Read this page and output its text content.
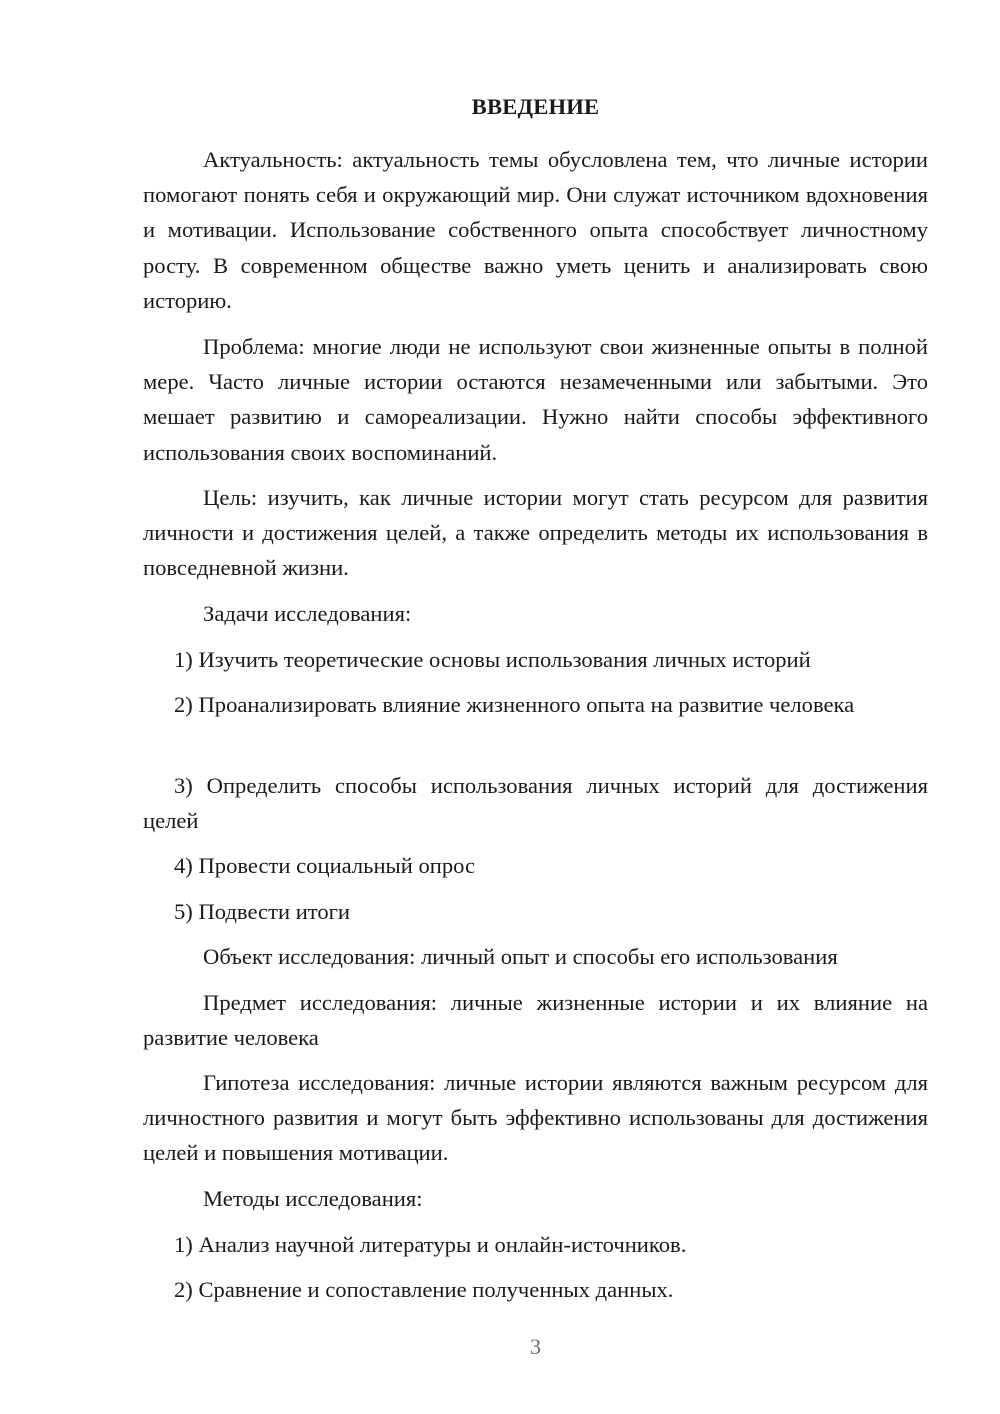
ВВЕДЕНИЕ

Актуальность: актуальность темы обусловлена тем, что личные истории помогают понять себя и окружающий мир. Они служат источником вдохновения и мотивации. Использование собственного опыта способствует личностному росту. В современном обществе важно уметь ценить и анализировать свою историю.

Проблема: многие люди не используют свои жизненные опыты в полной мере. Часто личные истории остаются незамеченными или забытыми. Это мешает развитию и самореализации. Нужно найти способы эффективного использования своих воспоминаний.

Цель: изучить, как личные истории могут стать ресурсом для развития личности и достижения целей, а также определить методы их использования в повседневной жизни.

Задачи исследования:

1) Изучить теоретические основы использования личных историй

2) Проанализировать влияние жизненного опыта на развитие человека

3) Определить способы использования личных историй для достижения целей

4) Провести социальный опрос

5) Подвести итоги

Объект исследования: личный опыт и способы его использования

Предмет исследования: личные жизненные истории и их влияние на развитие человека

Гипотеза исследования: личные истории являются важным ресурсом для личностного развития и могут быть эффективно использованы для достижения целей и повышения мотивации.

Методы исследования:

1) Анализ научной литературы и онлайн-источников.

2) Сравнение и сопоставление полученных данных.

3
